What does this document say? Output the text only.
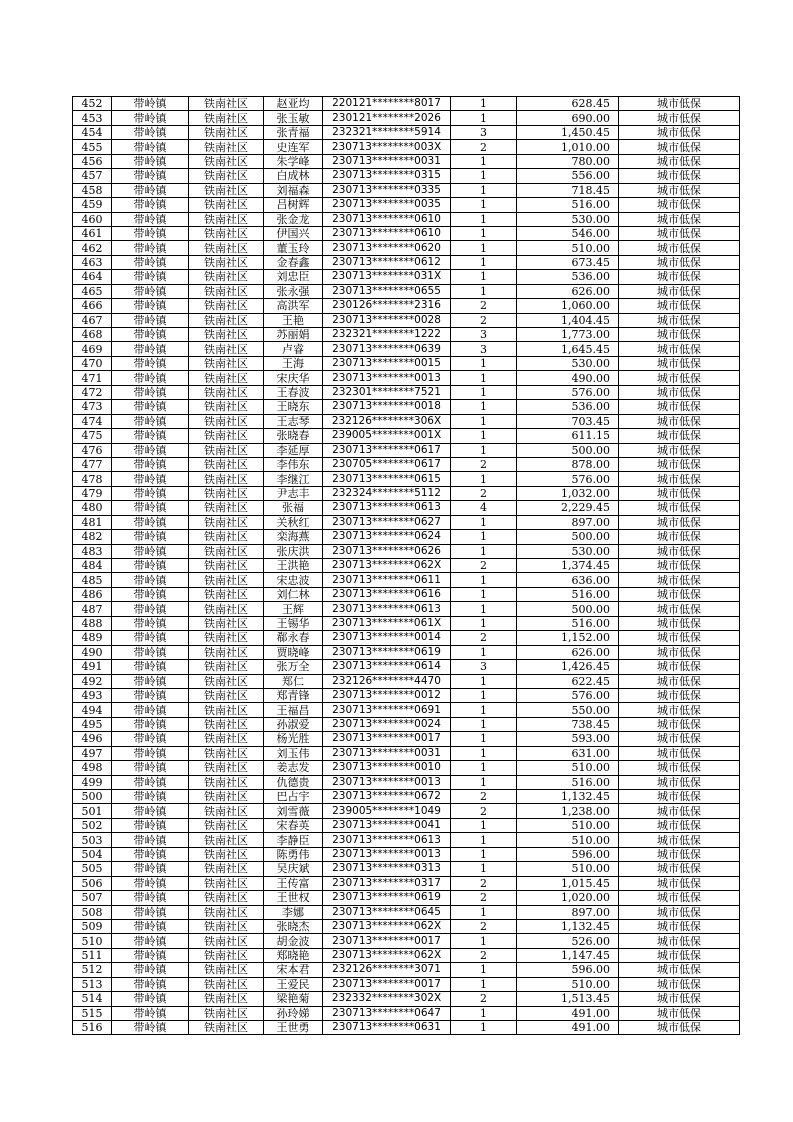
452	带岭镇	铁南社区	赵亚均	220121********8017	1	628.45	城市低保
453	带岭镇	铁南社区	张玉敏	230121********2026	1	690.00	城市低保
454	带岭镇	铁南社区	张青福	232321********5914	3	1,450.45	城市低保
455	带岭镇	铁南社区	史连军	230713********003X	2	1,010.00	城市低保
456	带岭镇	铁南社区	朱学峰	230713********0031	1	780.00	城市低保
457	带岭镇	铁南社区	白成林	230713********0315	1	556.00	城市低保
458	带岭镇	铁南社区	刘福森	230713********0335	1	718.45	城市低保
459	带岭镇	铁南社区	吕树辉	230713********0035	1	516.00	城市低保
460	带岭镇	铁南社区	张金龙	230713********0610	1	530.00	城市低保
461	带岭镇	铁南社区	伊国兴	230713********0610	1	546.00	城市低保
462	带岭镇	铁南社区	董玉玲	230713********0620	1	510.00	城市低保
463	带岭镇	铁南社区	金春鑫	230713********0612	1	673.45	城市低保
464	带岭镇	铁南社区	刘忠臣	230713********031X	1	536.00	城市低保
465	带岭镇	铁南社区	张永强	230713********0655	1	626.00	城市低保
466	带岭镇	铁南社区	高洪军	230126********2316	2	1,060.00	城市低保
467	带岭镇	铁南社区	王艳	230713********0028	2	1,404.45	城市低保
468	带岭镇	铁南社区	苏丽娟	232321********1222	3	1,773.00	城市低保
469	带岭镇	铁南社区	卢睿	230713********0639	3	1,645.45	城市低保
470	带岭镇	铁南社区	王海	230713********0015	1	530.00	城市低保
471	带岭镇	铁南社区	宋庆华	230713********0013	1	490.00	城市低保
472	带岭镇	铁南社区	王春波	232301********7521	1	576.00	城市低保
473	带岭镇	铁南社区	王晓东	230713********0018	1	536.00	城市低保
474	带岭镇	铁南社区	王志琴	232126********306X	1	703.45	城市低保
475	带岭镇	铁南社区	张晓春	239005********001X	1	611.15	城市低保
476	带岭镇	铁南社区	李延厚	230713********0617	1	500.00	城市低保
477	带岭镇	铁南社区	李伟东	230705********0617	2	878.00	城市低保
478	带岭镇	铁南社区	李继江	230713********0615	1	576.00	城市低保
479	带岭镇	铁南社区	尹志丰	232324********5112	2	1,032.00	城市低保
480	带岭镇	铁南社区	张福	230713********0613	4	2,229.45	城市低保
481	带岭镇	铁南社区	关秋红	230713********0627	1	897.00	城市低保
482	带岭镇	铁南社区	栾海燕	230713********0624	1	500.00	城市低保
483	带岭镇	铁南社区	张庆洪	230713********0626	1	530.00	城市低保
484	带岭镇	铁南社区	王洪艳	230713********062X	2	1,374.45	城市低保
485	带岭镇	铁南社区	宋忠波	230713********0611	1	636.00	城市低保
486	带岭镇	铁南社区	刘仁林	230713********0616	1	516.00	城市低保
487	带岭镇	铁南社区	王辉	230713********0613	1	500.00	城市低保
488	带岭镇	铁南社区	王锡华	230713********061X	1	516.00	城市低保
489	带岭镇	铁南社区	郗永春	230713********0014	2	1,152.00	城市低保
490	带岭镇	铁南社区	贾晓峰	230713********0619	1	626.00	城市低保
491	带岭镇	铁南社区	张万全	230713********0614	3	1,426.45	城市低保
492	带岭镇	铁南社区	郑仁	232126********4470	1	622.45	城市低保
493	带岭镇	铁南社区	郑青锋	230713********0012	1	576.00	城市低保
494	带岭镇	铁南社区	王福昌	230713********0691	1	550.00	城市低保
495	带岭镇	铁南社区	孙淑爱	230713********0024	1	738.45	城市低保
496	带岭镇	铁南社区	杨光胜	230713********0017	1	593.00	城市低保
497	带岭镇	铁南社区	刘玉伟	230713********0031	1	631.00	城市低保
498	带岭镇	铁南社区	姜志发	230713********0010	1	510.00	城市低保
499	带岭镇	铁南社区	仇德贵	230713********0013	1	516.00	城市低保
500	带岭镇	铁南社区	巴占宇	230713********0672	2	1,132.45	城市低保
501	带岭镇	铁南社区	刘雪薇	239005********1049	2	1,238.00	城市低保
502	带岭镇	铁南社区	宋春英	230713********0041	1	510.00	城市低保
503	带岭镇	铁南社区	李静臣	230713********0613	1	510.00	城市低保
504	带岭镇	铁南社区	陈勇伟	230713********0013	1	596.00	城市低保
505	带岭镇	铁南社区	吴庆斌	230713********0313	1	510.00	城市低保
506	带岭镇	铁南社区	王传富	230713********0317	2	1,015.45	城市低保
507	带岭镇	铁南社区	王世权	230713********0619	2	1,020.00	城市低保
508	带岭镇	铁南社区	李娜	230713********0645	1	897.00	城市低保
509	带岭镇	铁南社区	张晓杰	230713********062X	2	1,132.45	城市低保
510	带岭镇	铁南社区	胡金波	230713********0017	1	526.00	城市低保
511	带岭镇	铁南社区	郑晓艳	230713********062X	2	1,147.45	城市低保
512	带岭镇	铁南社区	宋本君	232126********3071	1	596.00	城市低保
513	带岭镇	铁南社区	王爱民	230713********0017	1	510.00	城市低保
514	带岭镇	铁南社区	梁艳菊	232332********302X	2	1,513.45	城市低保
515	带岭镇	铁南社区	孙玲娣	230713********0647	1	491.00	城市低保
516	带岭镇	铁南社区	王世勇	230713********0631	1	491.00	城市低保
